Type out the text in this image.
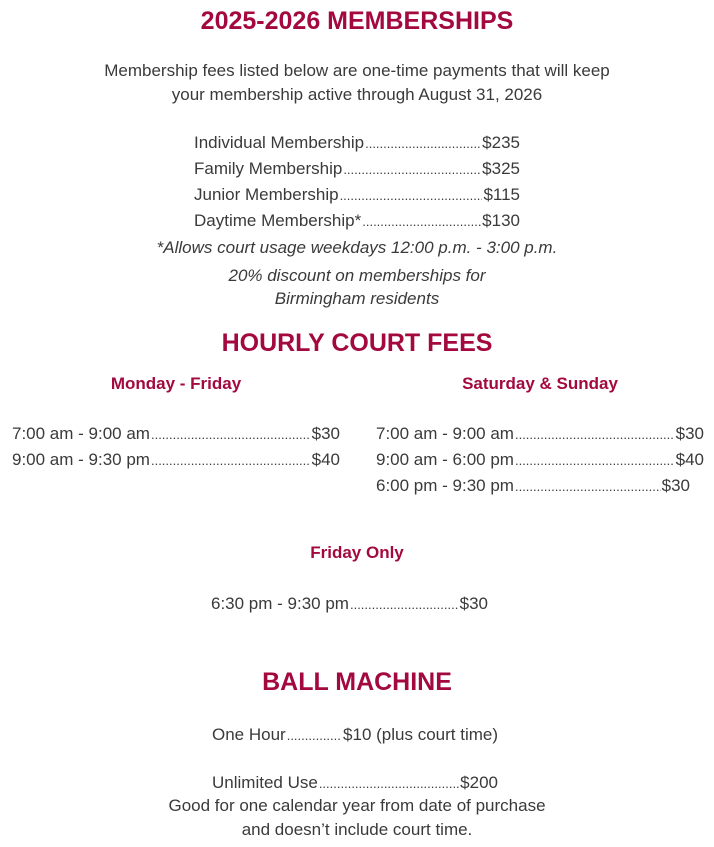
2025-2026 MEMBERSHIPS

Membership fees listed below are one-time payments that will keep

your membership active through August 31, 2026

Individual Membership .....	$235
Family Membership .....	$325
Junior Membership .....	$115
Daytime Membership* .....	$130

*Allows court usage weekdays 12:00 p.m. - 3:00 p.m.

20% discount on memberships for

Birmingham residents

HOURLY COURT FEES
Monday - Friday	Saturday & Sunday
7:00 am - 9:00 am .....	$30
9:00 am - 9:30 pm .....	$40
7:00 am - 9:00 am .....	$30
9:00 am - 6:00 pm .....	$40
6:00 pm - 9:30 pm .....	$30
Friday Only
6:30 pm - 9:30 pm .....	$30
BALL MACHINE
One Hour .....	$10 (plus court time)
Unlimited Use .....	$200

Good for one calendar year from date of purchase

and doesn’t include court time.
